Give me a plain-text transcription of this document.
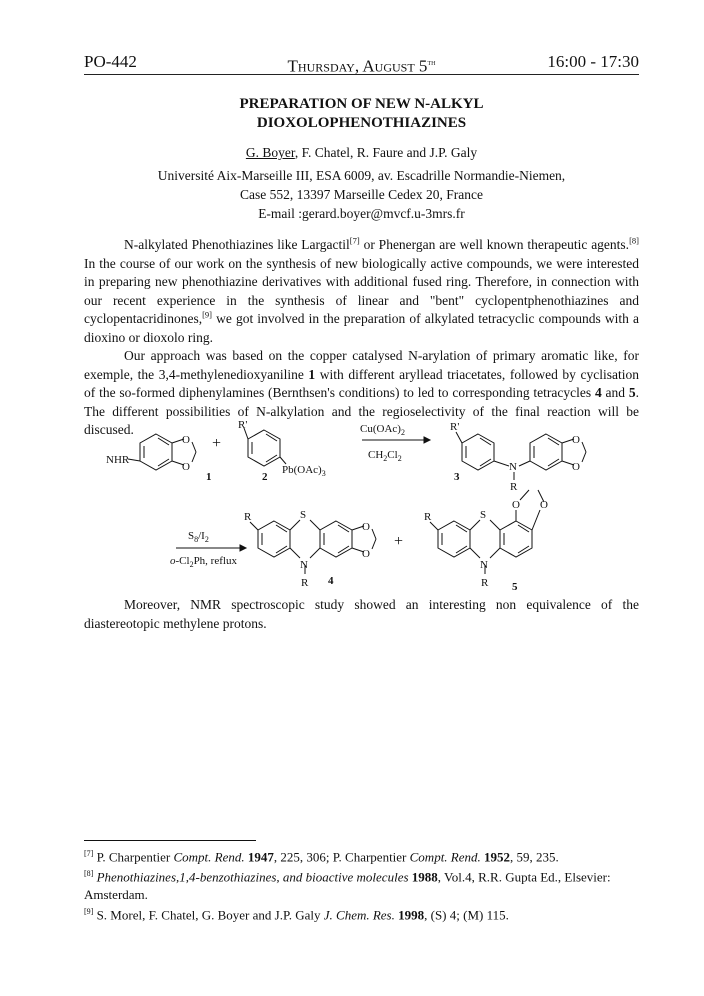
PO-442	Thursday, August 5th	16:00 - 17:30
PREPARATION OF NEW N-ALKYL
DIOXOLOPHENOTHIAZINES
G. Boyer, F. Chatel, R. Faure and J.P. Galy
Université Aix-Marseille III, ESA 6009, av. Escadrille Normandie-Niemen,
Case 552, 13397 Marseille Cedex 20, France
E-mail :gerard.boyer@mvcf.u-3mrs.fr

N-alkylated Phenothiazines like Largactil[7] or Phenergan are well known therapeutic agents.[8] In the course of our work on the synthesis of new biologically active compounds, we were interested in preparing new phenothiazine derivatives with additional fused ring. Therefore, in connection with our recent experience in the synthesis of linear and "bent" cyclopentphenothiazines and cyclopentacridinones,[9] we got involved in the preparation of alkylated tetracyclic compounds with a dioxino or dioxolo ring.

Our approach was based on the copper catalysed N-arylation of primary aromatic like, for exemple, the 3,4-methylenedioxyaniline 1 with different aryllead triacetates, followed by cyclisation of the so-formed diphenylamines (Bernthsen's conditions) to led to corresponding tetracycles 4 and 5. The different possibilities of N-alkylation and the regioselectivity of the final reaction will be discused.

NHR
O
O
1
+
R'
$Pb(OAc)_3$
2
$Cu(OAc)_2$
$CH_2Cl_2$
R'
N
R
3
O
O
$S_8/I_2$
$o-Cl_2Ph$, reflux
R	S
N
R 4
O
O
+
R	S
N
R 5
O O

Moreover, NMR spectroscopic study showed an interesting non equivalence of the diastereotopic methylene protons.

[7] P. Charpentier Compt. Rend. 1947, 225, 306; P. Charpentier Compt. Rend. 1952, 59, 235.
[8] Phenothiazines,1,4-benzothiazines, and bioactive molecules 1988, Vol.4, R.R. Gupta Ed., Elsevier: Amsterdam.
[9] S. Morel, F. Chatel, G. Boyer and J.P. Galy J. Chem. Res. 1998, (S) 4; (M) 115.
